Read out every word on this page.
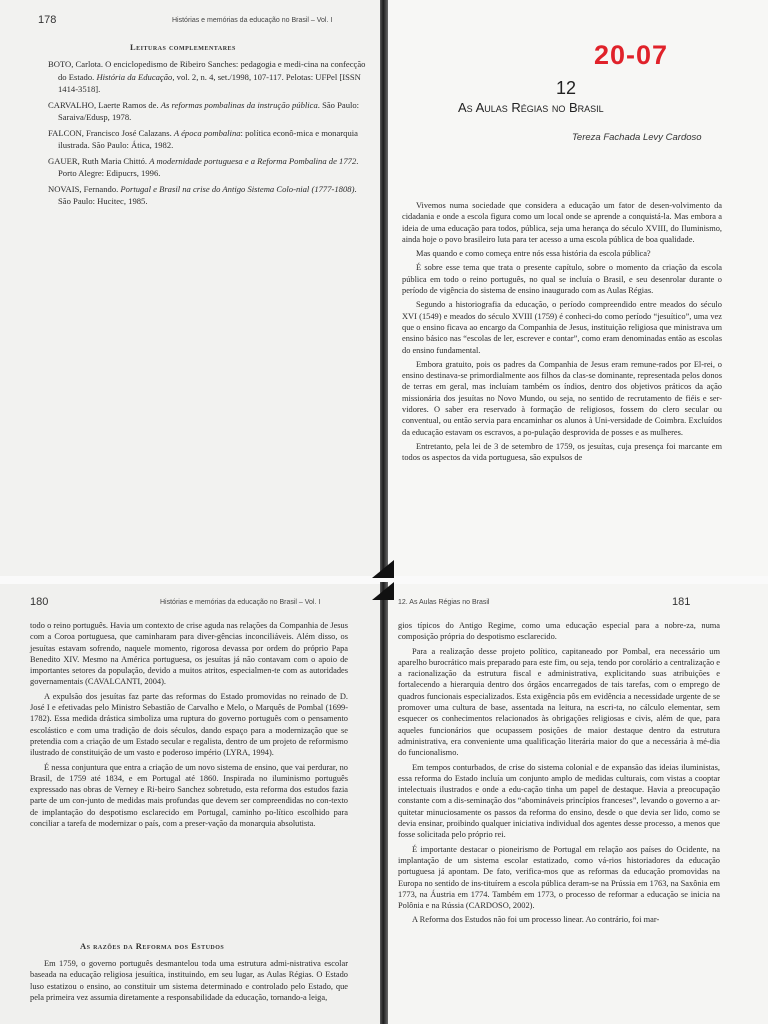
178	Histórias e memórias da educação no Brasil – Vol. I
Leituras complementares
BOTO, Carlota. O enciclopedismo de Ribeiro Sanches: pedagogia e medi-cina na confecção do Estado. História da Educação, vol. 2, n. 4, set./1998, 107-117. Pelotas: UFPel [ISSN 1414-3518].
CARVALHO, Laerte Ramos de. As reformas pombalinas da instrução pública. São Paulo: Saraiva/Edusp, 1978.
FALCON, Francisco José Calazans. A época pombalina: política econô-mica e monarquia ilustrada. São Paulo: Ática, 1982.
GAUER, Ruth Maria Chittó. A modernidade portuguesa e a Reforma Pombalina de 1772. Porto Alegre: Edipucrs, 1996.
NOVAIS, Fernando. Portugal e Brasil na crise do Antigo Sistema Colo-nial (1777-1808). São Paulo: Hucitec, 1985.
20-07
12
As Aulas Régias no Brasil
Tereza Fachada Levy Cardoso

Vivemos numa sociedade que considera a educação um fator de desen-volvimento da cidadania e onde a escola figura como um local onde se aprende a conquistá-la. Mas embora a ideia de uma educação para todos, pública, seja uma herança do século XVIII, do Iluminismo, ainda hoje o povo brasileiro luta para ter acesso a uma escola pública de boa qualidade.

Mas quando e como começa entre nós essa história da escola pública?

É sobre esse tema que trata o presente capítulo, sobre o momento da criação da escola pública em todo o reino português, no qual se incluía o Brasil, e seu desenrolar durante o período de vigência do sistema de ensino inaugurado com as Aulas Régias.

Segundo a historiografia da educação, o período compreendido entre meados do século XVI (1549) e meados do século XVIII (1759) é conheci-do como período “jesuítico”, uma vez que o ensino ficava ao encargo da Companhia de Jesus, instituição religiosa que ministrava um ensino básico nas “escolas de ler, escrever e contar”, como eram denominadas então as escolas do ensino fundamental.

Embora gratuito, pois os padres da Companhia de Jesus eram remune-rados por El-rei, o ensino destinava-se primordialmente aos filhos da clas-se dominante, representada pelos donos de terras em geral, mas incluíam também os índios, dentro dos objetivos práticos da ação missionária dos jesuítas no Novo Mundo, ou seja, no sentido de recrutamento de fiéis e ser-vidores. O saber era reservado à formação de religiosos, fossem do clero secular ou conventual, ou então servia para encaminhar os alunos à Uni-versidade de Coimbra. Excluídos da educação estavam os escravos, a po-pulação desprovida de posses e as mulheres.

Entretanto, pela lei de 3 de setembro de 1759, os jesuítas, cuja presença foi marcante em todos os aspectos da vida portuguesa, são expulsos de

180	Histórias e memórias da educação no Brasil – Vol. I

todo o reino português. Havia um contexto de crise aguda nas relações da Companhia de Jesus com a Coroa portuguesa, que caminharam para diver-gências inconciliáveis. Além disso, os jesuítas estavam sofrendo, naquele momento, rigorosa devassa por ordem do próprio Papa Benedito XIV. Mesmo na América portuguesa, os jesuítas já não contavam com o apoio de importantes setores da população, devido a muitos atritos, especialmen-te com as autoridades governamentais (CAVALCANTI, 2004).

A expulsão dos jesuítas faz parte das reformas do Estado promovidas no reinado de D. José I e efetivadas pelo Ministro Sebastião de Carvalho e Melo, o Marquês de Pombal (1699-1782). Essa medida drástica simboliza uma ruptura do governo português com o pensamento escolástico e com uma tradição de dois séculos, dando espaço para a modernização que se pretendia com a criação de um Estado secular e regalista, dentro de um projeto de reformismo ilustrado de constituição de um vasto e poderoso império (LYRA, 1994).

É nessa conjuntura que entra a criação de um novo sistema de ensino, que vai perdurar, no Brasil, de 1759 até 1834, e em Portugal até 1860. Inspirada no iluminismo português expressado nas obras de Verney e Ri-beiro Sanchez sobretudo, esta reforma dos estudos fazia parte de um con-junto de medidas mais profundas que devem ser compreendidas no con-texto de implantação do despotismo esclarecido em Portugal, caminho po-lítico escolhido para conciliar a tarefa de modernizar o país, com a preser-vação da monarquia absolutista.

As razões da Reforma dos Estudos

Em 1759, o governo português desmantelou toda uma estrutura admi-nistrativa escolar baseada na educação religiosa jesuítica, instituindo, em seu lugar, as Aulas Régias. O Estado luso estatizou o ensino, ao constituir um sistema determinado e controlado pelo Estado, que pela primeira vez assumia diretamente a responsabilidade da educação, tornando-a leiga,

12. As Aulas Régias no Brasil	181

gios típicos do Antigo Regime, como uma educação especial para a nobre-za, numa composição própria do despotismo esclarecido.

Para a realização desse projeto político, capitaneado por Pombal, era necessário um aparelho burocrático mais preparado para este fim, ou seja, tendo por corolário a centralização e a racionalização da estrutura fiscal e administrativa, explicitando suas atribuições e fortalecendo a hierarquia dentro dos órgãos encarregados de tais tarefas, com o emprego de quadros funcionais especializados. Esta exigência pôs em evidência a necessidade urgente de se promover uma cultura de base, assentada na leitura, na escri-ta, no cálculo elementar, sem esquecer os conhecimentos relacionados às obrigações religiosas e civis, além de que, para aqueles funcionários que ocupassem posições de maior destaque dentro da estrutura administrativa, era conveniente uma qualificação literária maior do que a necessária à mé-dia do funcionalismo.

Em tempos conturbados, de crise do sistema colonial e de expansão das ideias iluministas, essa reforma do Estado incluía um conjunto amplo de medidas culturais, com vistas a cooptar intelectuais ilustrados e onde a edu-cação tinha um papel de destaque. Havia a preocupação constante com a dis-seminação dos “abomináveis princípios franceses”, levando o governo a ar-quitetar minuciosamente os passos da reforma do ensino, desde o que devia ser lido, como se devia ensinar, proibindo qualquer iniciativa individual dos agentes desse processo, a menos que fosse solicitada pelo próprio rei.

É importante destacar o pioneirismo de Portugal em relação aos países do Ocidente, na implantação de um sistema escolar estatizado, como vá-rios historiadores da educação portuguesa já apontam. De fato, verifica-mos que as reformas da educação promovidas na Europa no sentido de ins-tituírem a escola pública deram-se na Prússia em 1763, na Saxônia em 1773, na Áustria em 1774. Também em 1773, o processo de reformar a educação se inicia na Polônia e na Rússia (CARDOSO, 2002).

A Reforma dos Estudos não foi um processo linear. Ao contrário, foi mar-
